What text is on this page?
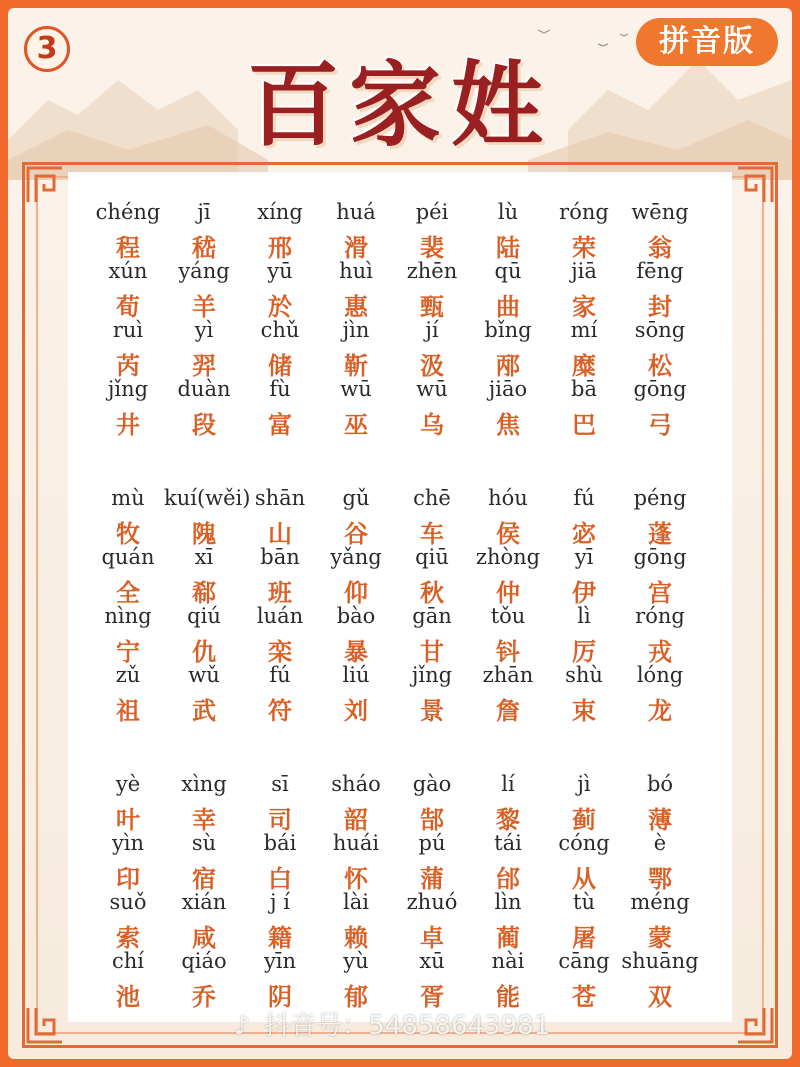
3	拼音版
百家姓
chéng
程
jī
嵇
xíng
邢
huá
滑
péi
裴
lù
陆
róng
荣
wēng
翁
xún
荀
yáng
羊
yū
於
huì
惠
zhēn
甄
qū
曲
jiā
家
fēng
封
ruì
芮
yì
羿
chǔ
储
jìn
靳
jí
汲
bǐng
邴
mí
糜
sōng
松
jǐng
井
duàn
段
fù
富
wū
巫
wū
乌
jiāo
焦
bā
巴
gōng
弓
mù
牧
kuí(wěi)
隗
shān
山
gǔ
谷
chē
车
hóu
侯
fú
宓
péng
蓬
quán
全
xī
郗
bān
班
yǎng
仰
qiū
秋
zhòng
仲
yī
伊
gōng
宫
nìng
宁
qiú
仇
luán
栾
bào
暴
gān
甘
tǒu
钭
lì
厉
róng
戎
zǔ
祖
wǔ
武
fú
符
liú
刘
jǐng
景
zhān
詹
shù
束
lóng
龙
yè
叶
xìng
幸
sī
司
sháo
韶
gào
郜
lí
黎
jì
蓟
bó
薄
yìn
印
sù
宿
bái
白
huái
怀
pú
蒲
tái
邰
cóng
从
è
鄂
suǒ
索
xián
咸
j í
籍
lài
赖
zhuó
卓
lìn
蔺
tù
屠
méng
蒙
chí
池
qiáo
乔
yīn
阴
yù
郁
xū
胥
nài
能
cāng
苍
shuāng
双
♪ 抖音号：54858643981
